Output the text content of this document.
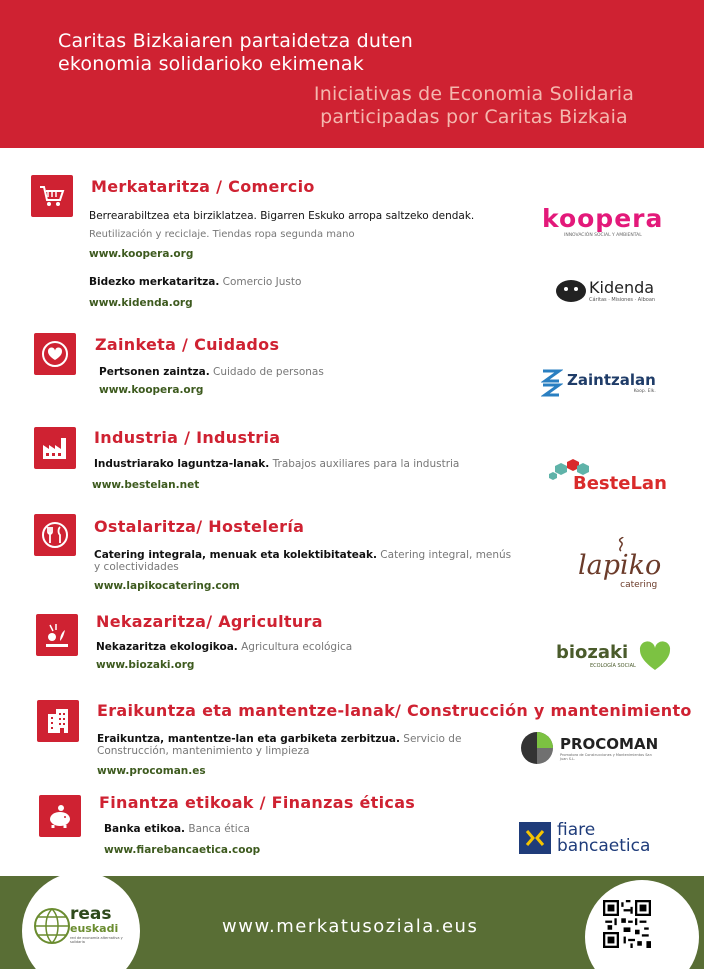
Caritas Bizkaiaren partaidetza duten
ekonomia solidarioko ekimenak
Iniciativas de Economia Solidaria
participadas por Caritas Bizkaia
Merkataritza / Comercio
Berrearabiltzea eta birziklatzea. Bigarren Eskuko arropa saltzeko dendak.
Reutilización y reciclaje. Tiendas ropa segunda mano
www.koopera.org
Bidezko merkataritza. Comercio Justo
www.kidenda.org
koopera
INNOVACIÓN SOCIAL Y AMBIENTAL
Kidenda
Cáritas · Misiones · Alboan
Zainketa / Cuidados
Pertsonen zaintza. Cuidado de personas
www.koopera.org
Zaintzalan
Koop. Elk.
Industria / Industria
Industriarako laguntza-lanak. Trabajos auxiliares para la industria
www.bestelan.net	BesteLan
Ostalaritza/ Hostelería
Catering integrala, menuak eta kolektibitateak. Catering integral, menús y colectividades
www.lapikocatering.com
lapiko
catering
Nekazaritza/ Agricultura
Nekazaritza ekologikoa. Agricultura ecológica
www.biozaki.org
biozaki
ECOLOGÍA SOCIAL
Eraikuntza eta mantentze-lanak/ Construcción y mantenimiento
Eraikuntza, mantentze-lan eta garbiketa zerbitzua. Servicio de Construcción, mantenimiento y limpieza
www.procoman.es
PROCOMAN
Promotora de Construcciones y Mantenimientos San Juan S.L.
Finantza etikoak / Finanzas éticas
Banka etikoa. Banca ética
www.fiarebancaetica.coop
fiare
bancaetica
www.merkatusoziala.eus
reas
euskadi
red de economía alternativa y solidaria
